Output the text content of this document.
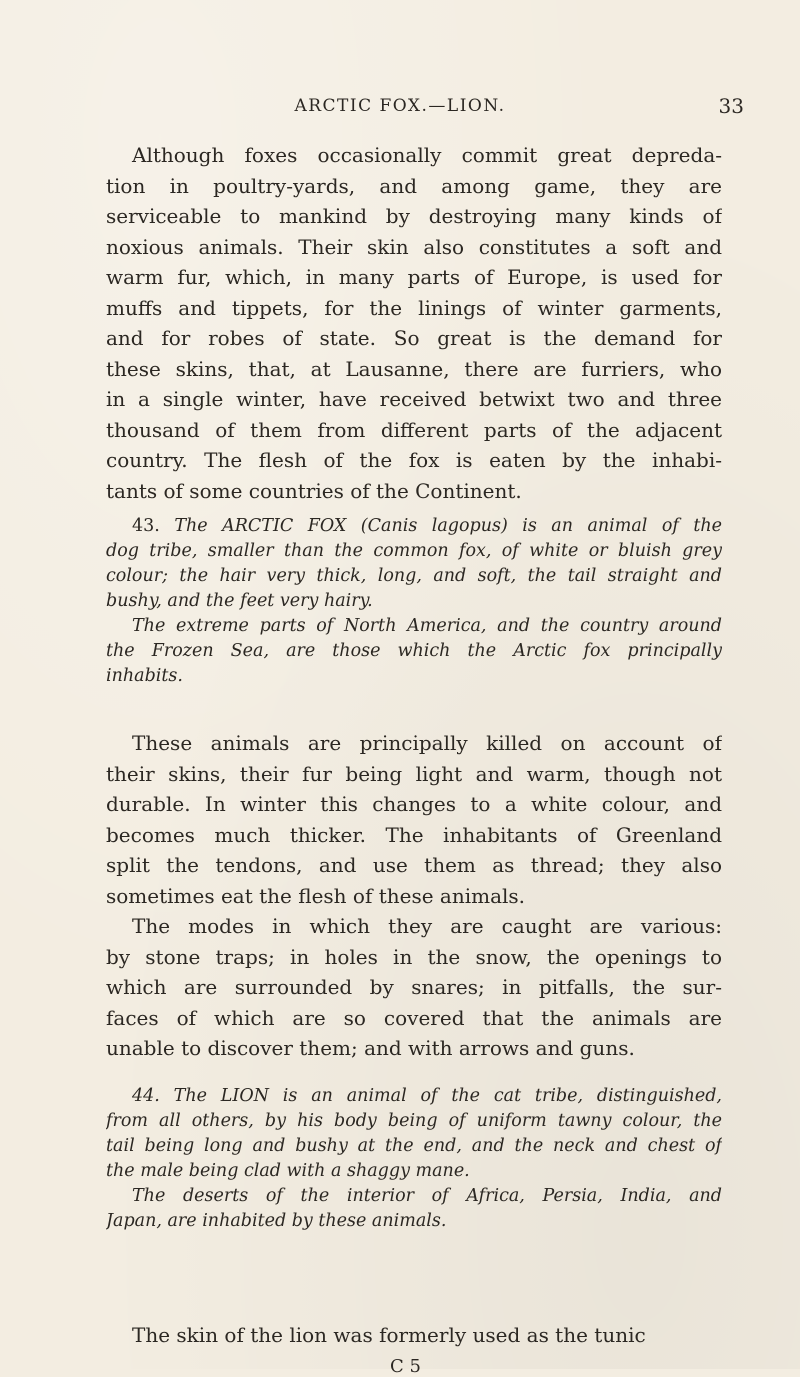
ARCTIC FOX.—LION.	33
Although foxes occasionally commit great depreda-
tion in poultry-yards, and among game, they are
serviceable to mankind by destroying many kinds of
noxious animals. Their skin also constitutes a soft and
warm fur, which, in many parts of Europe, is used for
muffs and tippets, for the linings of winter garments,
and for robes of state. So great is the demand for
these skins, that, at Lausanne, there are furriers, who
in a single winter, have received betwixt two and three
thousand of them from different parts of the adjacent
country. The flesh of the fox is eaten by the inhabi-
tants of some countries of the Continent.
43. The ARCTIC FOX (Canis lagopus) is an animal of the
dog tribe, smaller than the common fox, of white or bluish grey
colour; the hair very thick, long, and soft, the tail straight and
bushy, and the feet very hairy.
The extreme parts of North America, and the country around
the Frozen Sea, are those which the Arctic fox principally
inhabits.
These animals are principally killed on account of
their skins, their fur being light and warm, though not
durable. In winter this changes to a white colour, and
becomes much thicker. The inhabitants of Greenland
split the tendons, and use them as thread; they also
sometimes eat the flesh of these animals.
The modes in which they are caught are various:
by stone traps; in holes in the snow, the openings to
which are surrounded by snares; in pitfalls, the sur-
faces of which are so covered that the animals are
unable to discover them; and with arrows and guns.
44. The LION is an animal of the cat tribe, distinguished,
from all others, by his body being of uniform tawny colour, the
tail being long and bushy at the end, and the neck and chest of
the male being clad with a shaggy mane.
The deserts of the interior of Africa, Persia, India, and
Japan, are inhabited by these animals.
The skin of the lion was formerly used as the tunic
C 5
